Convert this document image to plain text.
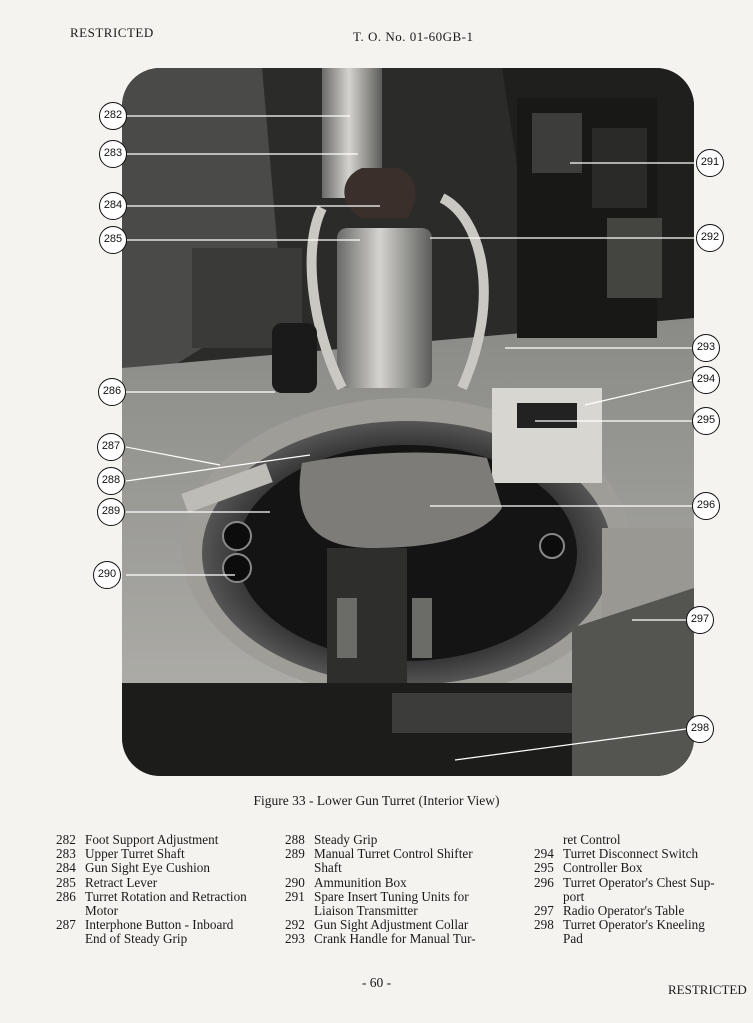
RESTRICTED	T. O. No. 01-60GB-1
282
283
284
285
286
287
288
289
290
291
292
293
294
295
296
297
298
Figure 33 - Lower Gun Turret (Interior View)
282 Foot Support Adjustment
283 Upper Turret Shaft
284 Gun Sight Eye Cushion
285 Retract Lever
286 Turret Rotation and Retraction
Motor
287 Interphone Button - Inboard
End of Steady Grip
288 Steady Grip
289 Manual Turret Control Shifter
Shaft
290 Ammunition Box
291 Spare Insert Tuning Units for
Liaison Transmitter
292 Gun Sight Adjustment Collar
293 Crank Handle for Manual Tur-
ret Control
294 Turret Disconnect Switch
295 Controller Box
296 Turret Operator's Chest Sup-
port
297 Radio Operator's Table
298 Turret Operator's Kneeling
Pad
- 60 -	RESTRICTED
